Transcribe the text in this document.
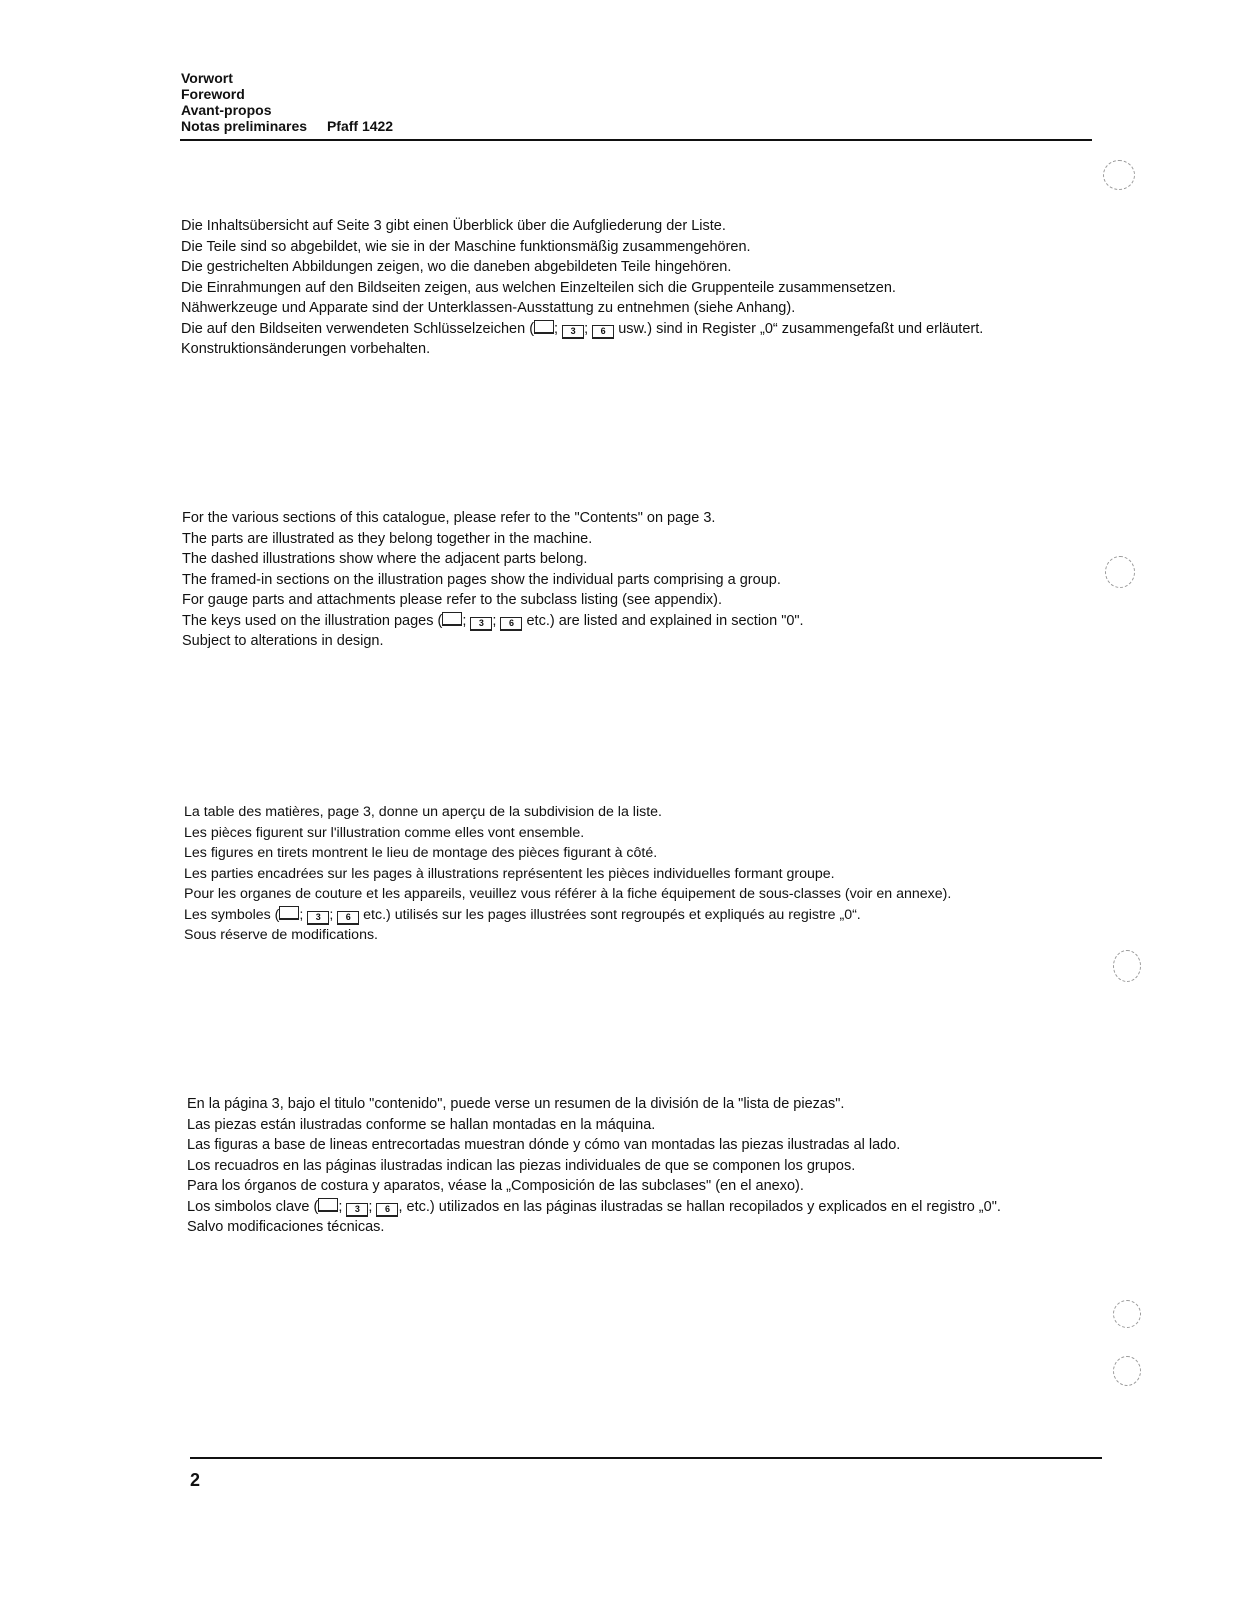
Vorwort
Foreword
Avant-propos
Notas preliminares Pfaff 1422
Die Inhaltsübersicht auf Seite 3 gibt einen Überblick über die Aufgliederung der Liste.
Die Teile sind so abgebildet, wie sie in der Maschine funktionsmäßig zusammengehören.
Die gestrichelten Abbildungen zeigen, wo die daneben abgebildeten Teile hingehören.
Die Einrahmungen auf den Bildseiten zeigen, aus welchen Einzelteilen sich die Gruppenteile zusammensetzen.
Nähwerkzeuge und Apparate sind der Unterklassen-Ausstattung zu entnehmen (siehe Anhang).
Die auf den Bildseiten verwendeten Schlüsselzeichen ( ; 3 ; 6 usw.) sind in Register „0“ zusammengefaßt und erläutert.
Konstruktionsänderungen vorbehalten.
For the various sections of this catalogue, please refer to the "Contents" on page 3.
The parts are illustrated as they belong together in the machine.
The dashed illustrations show where the adjacent parts belong.
The framed-in sections on the illustration pages show the individual parts comprising a group.
For gauge parts and attachments please refer to the subclass listing (see appendix).
The keys used on the illustration pages ( ; 3 ; 6 etc.) are listed and explained in section "0".
Subject to alterations in design.
La table des matières, page 3, donne un aperçu de la subdivision de la liste.
Les pièces figurent sur l'illustration comme elles vont ensemble.
Les figures en tirets montrent le lieu de montage des pièces figurant à côté.
Les parties encadrées sur les pages à illustrations représentent les pièces individuelles formant groupe.
Pour les organes de couture et les appareils, veuillez vous référer à la fiche équipement de sous-classes (voir en annexe).
Les symboles ( ; 3 ; 6 etc.) utilisés sur les pages illustrées sont regroupés et expliqués au registre „0“.
Sous réserve de modifications.
En la página 3, bajo el titulo "contenido", puede verse un resumen de la división de la "lista de piezas".
Las piezas están ilustradas conforme se hallan montadas en la máquina.
Las figuras a base de lineas entrecortadas muestran dónde y cómo van montadas las piezas ilustradas al lado.
Los recuadros en las páginas ilustradas indican las piezas individuales de que se componen los grupos.
Para los órganos de costura y aparatos, véase la „Composición de las subclases" (en el anexo).
Los simbolos clave ( ; 3 ; 6 , etc.) utilizados en las páginas ilustradas se hallan recopilados y explicados en el registro „0".
Salvo modificaciones técnicas.
2
